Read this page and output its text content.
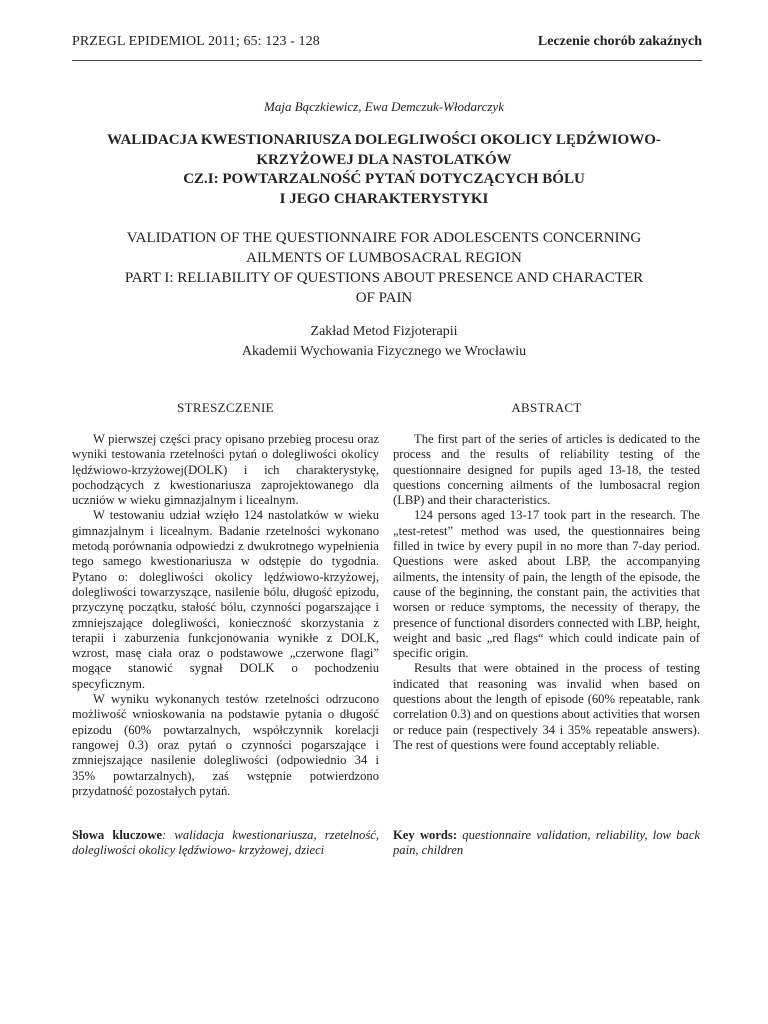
PRZEGL EPIDEMIOL 2011; 65: 123 - 128	Leczenie chorób zakaźnych
Maja Bączkiewicz, Ewa Demczuk-Włodarczyk
WALIDACJA KWESTIONARIUSZA DOLEGLIWOŚCI OKOLICY LĘDŹWIOWO-
KRZYŻOWEJ DLA NASTOLATKÓW
CZ.I: POWTARZALNOŚĆ PYTAŃ DOTYCZĄCYCH BÓLU
I JEGO CHARAKTERYSTYKI
VALIDATION OF THE QUESTIONNAIRE FOR ADOLESCENTS CONCERNING
AILMENTS OF LUMBOSACRAL REGION
PART I: RELIABILITY OF QUESTIONS ABOUT PRESENCE AND CHARACTER
OF PAIN
Zakład Metod Fizjoterapii
Akademii Wychowania Fizycznego we Wrocławiu
STRESZCZENIE	ABSTRACT

W pierwszej części pracy opisano przebieg procesu oraz wyniki testowania rzetelności pytań o dolegliwości okolicy lędźwiowo-krzyżowej(DOLK) i ich charakterystykę, pochodzących z kwestionariusza zaprojektowanego dla uczniów w wieku gimnazjalnym i licealnym.

W testowaniu udział wzięło 124 nastolatków w wieku gimnazjalnym i licealnym. Badanie rzetelności wykonano metodą porównania odpowiedzi z dwukrotnego wypełnienia tego samego kwestionariusza w odstępie do tygodnia. Pytano o: dolegliwości okolicy lędźwiowo-krzyżowej, dolegliwości towarzyszące, nasilenie bólu, długość epizodu, przyczynę początku, stałość bólu, czynności pogarszające i zmniejszające dolegliwości, konieczność skorzystania z terapii i zaburzenia funkcjonowania wynikłe z DOLK, wzrost, masę ciała oraz o podstawowe „czerwone flagi” mogące stanowić sygnał DOLK o pochodzeniu specyficznym.

W wyniku wykonanych testów rzetelności odrzucono możliwość wnioskowania na podstawie pytania o długość epizodu (60% powtarzalnych, współczynnik korelacji rangowej 0.3) oraz pytań o czynności pogarszające i zmniejszające nasilenie dolegliwości (odpowiednio 34 i 35% powtarzalnych), zaś wstępnie potwierdzono przydatność pozostałych pytań.

The first part of the series of articles is dedicated to the process and the results of reliability testing of the questionnaire designed for pupils aged 13-18, the tested questions concerning ailments of the lumbosacral region (LBP) and their characteristics.

124 persons aged 13-17 took part in the research. The „test-retest” method was used, the questionnaires being filled in twice by every pupil in no more than 7-day period. Questions were asked about LBP, the accompanying ailments, the intensity of pain, the length of the episode, the cause of the beginning, the constant pain, the activities that worsen or reduce symptoms, the necessity of therapy, the presence of functional disorders connected with LBP, height, weight and basic „red flags“ which could indicate pain of specific origin.

Results that were obtained in the process of testing indicated that reasoning was invalid when based on questions about the length of episode (60% repeatable, rank correlation 0.3) and on questions about activities that worsen or reduce pain (respectively 34 i 35% repeatable answers). The rest of questions were found acceptably reliable.

Słowa kluczowe: walidacja kwestionariusza, rzetelność, dolegliwości okolicy lędźwiowo- krzyżowej, dzieci
Key words: questionnaire validation, reliability, low back pain, children
